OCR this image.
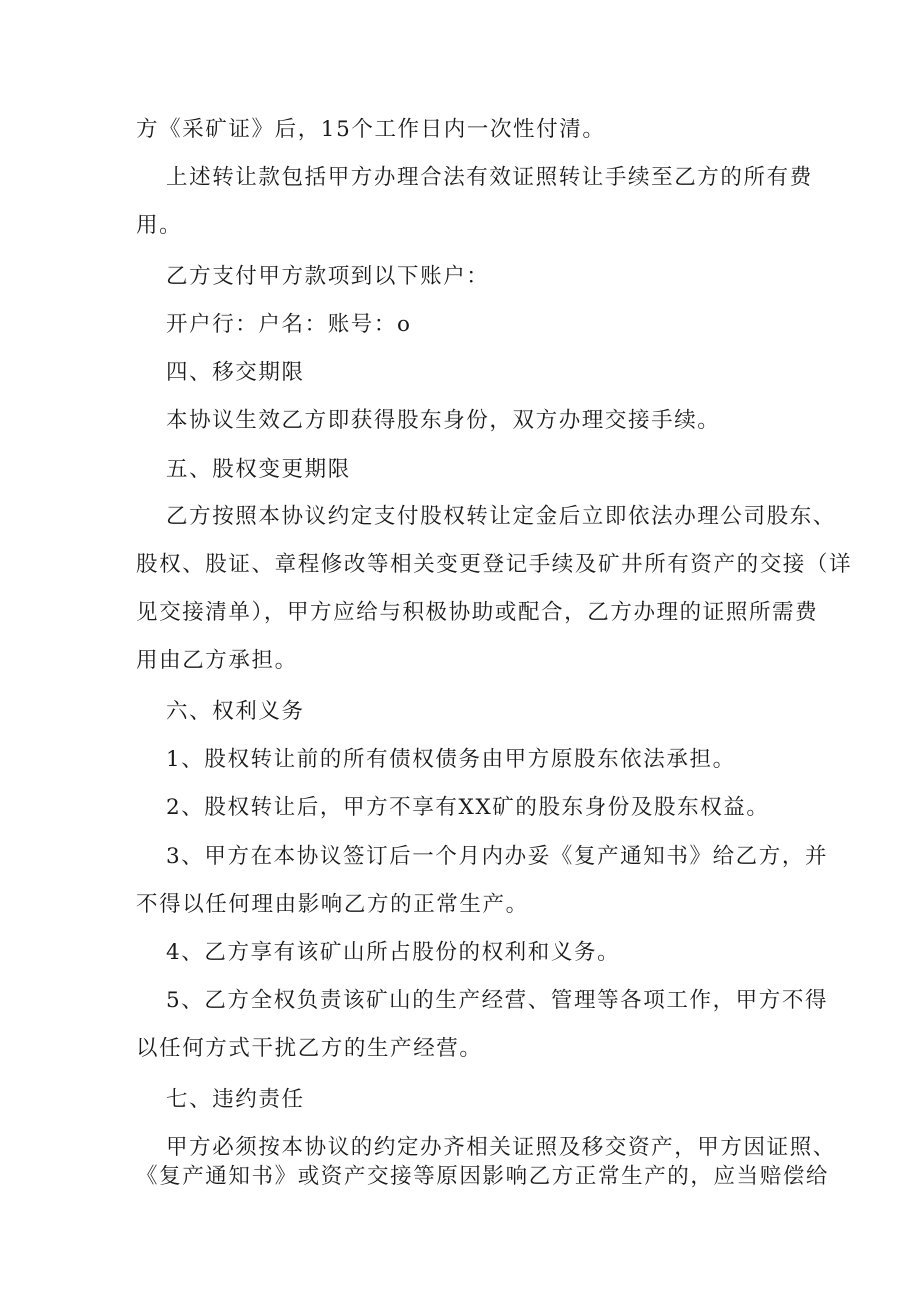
方《采矿证》后，15个工作日内一次性付清。
上述转让款包括甲方办理合法有效证照转让手续至乙方的所有费
用。
乙方支付甲方款项到以下账户：
开户行：户名：账号：o
四、移交期限
本协议生效乙方即获得股东身份，双方办理交接手续。
五、股权变更期限
乙方按照本协议约定支付股权转让定金后立即依法办理公司股东、
股权、股证、章程修改等相关变更登记手续及矿井所有资产的交接（详
见交接清单），甲方应给与积极协助或配合，乙方办理的证照所需费
用由乙方承担。
六、权利义务
1、股权转让前的所有债权债务由甲方原股东依法承担。
2、股权转让后，甲方不享有XX矿的股东身份及股东权益。
3、甲方在本协议签订后一个月内办妥《复产通知书》给乙方，并
不得以任何理由影响乙方的正常生产。
4、乙方享有该矿山所占股份的权利和义务。
5、乙方全权负责该矿山的生产经营、管理等各项工作，甲方不得
以任何方式干扰乙方的生产经营。
七、违约责任
甲方必须按本协议的约定办齐相关证照及移交资产，甲方因证照、
《复产通知书》或资产交接等原因影响乙方正常生产的，应当赔偿给
